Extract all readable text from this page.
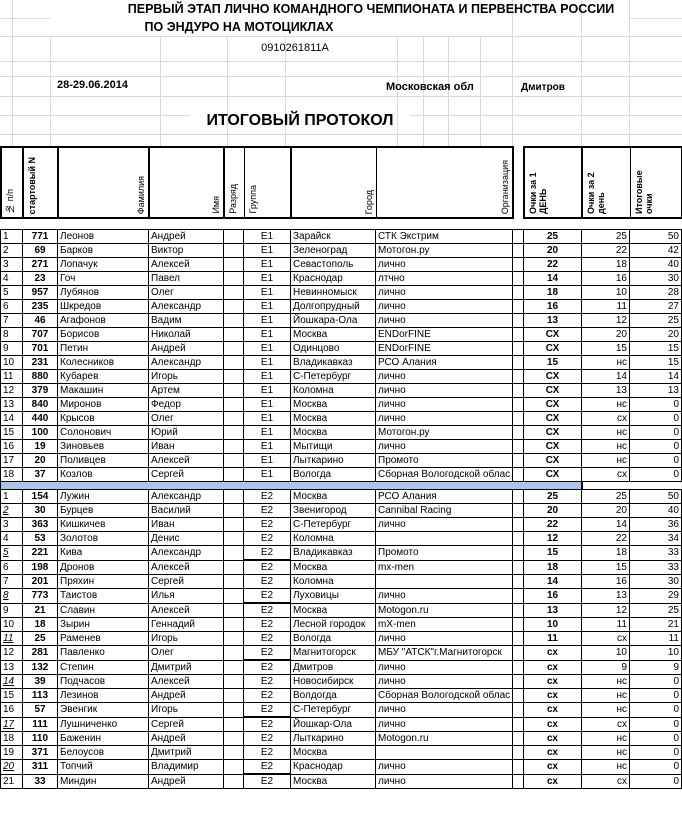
ПЕРВЫЙ ЭТАП ЛИЧНО КОМАНДНОГО ЧЕМПИОНАТА И ПЕРВЕНСТВА РОССИИ
ПО ЭНДУРО НА МОТОЦИКЛАХ
0910261811А
28-29.06.2014	Московская обл	Дмитров
ИТОГОВЫЙ ПРОТОКОЛ
№ п/п	стартовый N	Фамилия	Имя	Разряд	Группа	Город	Организация		Очки за 1 ДЕНЬ	Очки за 2 день	Итоговые очки
1	771	Леонов	Андрей		Е1	Зарайск	СТК Экстрим		25	25	50
2	69	Барков	Виктор		Е1	Зеленоград	Мотогон.ру		20	22	42
3	271	Лопачук	Алексей		Е1	Севастополь	лично		22	18	40
4	23	Гоч	Павел		Е1	Краснодар	лтчно		14	16	30
5	957	Лубянов	Олег		Е1	Невинномыск	лично		18	10	28
6	235	Шкредов	Александр		Е1	Долгопрудный	лично		16	11	27
7	46	Агафонов	Вадим		Е1	Йошкара-Ола	лично		13	12	25
8	707	Борисов	Николай		Е1	Москва	ENDorFINE		СХ	20	20
9	701	Петин	Андрей		Е1	Одинцово	ENDorFINE		СХ	15	15
10	231	Колесников	Александр		Е1	Владикавказ	РСО Алания		15	нс	15
11	880	Кубарев	Игорь		Е1	С-Петербург	лично		СХ	14	14
12	379	Макашин	Артем		Е1	Коломна	лично		СХ	13	13
13	840	Миронов	Федор		Е1	Москва	лично		СХ	нс	0
14	440	Крысов	Олег		Е1	Москва	лично		СХ	сх	0
15	100	Солонович	Юрий		Е1	Москва	Мотогон.ру		СХ	нс	0
16	19	Зиновьев	Иван		Е1	Мытищи	лично		СХ	нс	0
17	20	Поливцев	Алексей		Е1	Лыткарино	Промото		СХ	нс	0
18	37	Козлов	Сергей		Е1	Вологда	Сборная Вологодской облас		СХ	сх	0

1	154	Лужин	Александр		Е2	Москва	РСО Алания		25	25	50
2	30	Бурцев	Василий		Е2	Звенигород	Cannibal Racing		20	20	40
3	363	Кишкичев	Иван		Е2	С-Петербург	лично		22	14	36
4	53	Золотов	Денис		Е2	Коломна			12	22	34
5	221	Кива	Александр		Е2	Владикавказ	Промото		15	18	33
6	198	Дронов	Алексей		Е2	Москва	mx-men		18	15	33
7	201	Пряхин	Сергей		Е2	Коломна			14	16	30
8	773	Таистов	Илья		Е2	Луховицы	лично		16	13	29
9	21	Славин	Алексей		Е2	Москва	Motogon.ru		13	12	25
10	18	Зырин	Геннадий		Е2	Лесной городок	mX-men		10	11	21
11	25	Раменев	Игорь		Е2	Вологда	лично		11	сх	11
12	281	Павленко	Олег		Е2	Магнитогорск	МБУ "АТСК"г.Магнитогорск		сх	10	10
13	132	Степин	Дмитрий		Е2	Дмитров	лично		сх	9	9
14	39	Подчасов	Алексей		Е2	Новосибирск	лично		сх	нс	0
15	113	Лезинов	Андрей		Е2	Волдогда	Сборная Вологодской облас		сх	нс	0
16	57	Эвенгик	Игорь		Е2	С-Петербург	лично		сх	нс	0
17	111	Лушниченко	Сергей		Е2	Йошкар-Ола	лично		сх	сх	0
18	110	Баженин	Андрей		Е2	Лыткарино	Motogon.ru		сх	нс	0
19	371	Белоусов	Дмитрий		Е2	Москва			сх	нс	0
20	311	Топчий	Владимир		Е2	Краснодар	лично		сх	нс	0
21	33	Миндин	Андрей		Е2	Москва	лично		сх	сх	0
